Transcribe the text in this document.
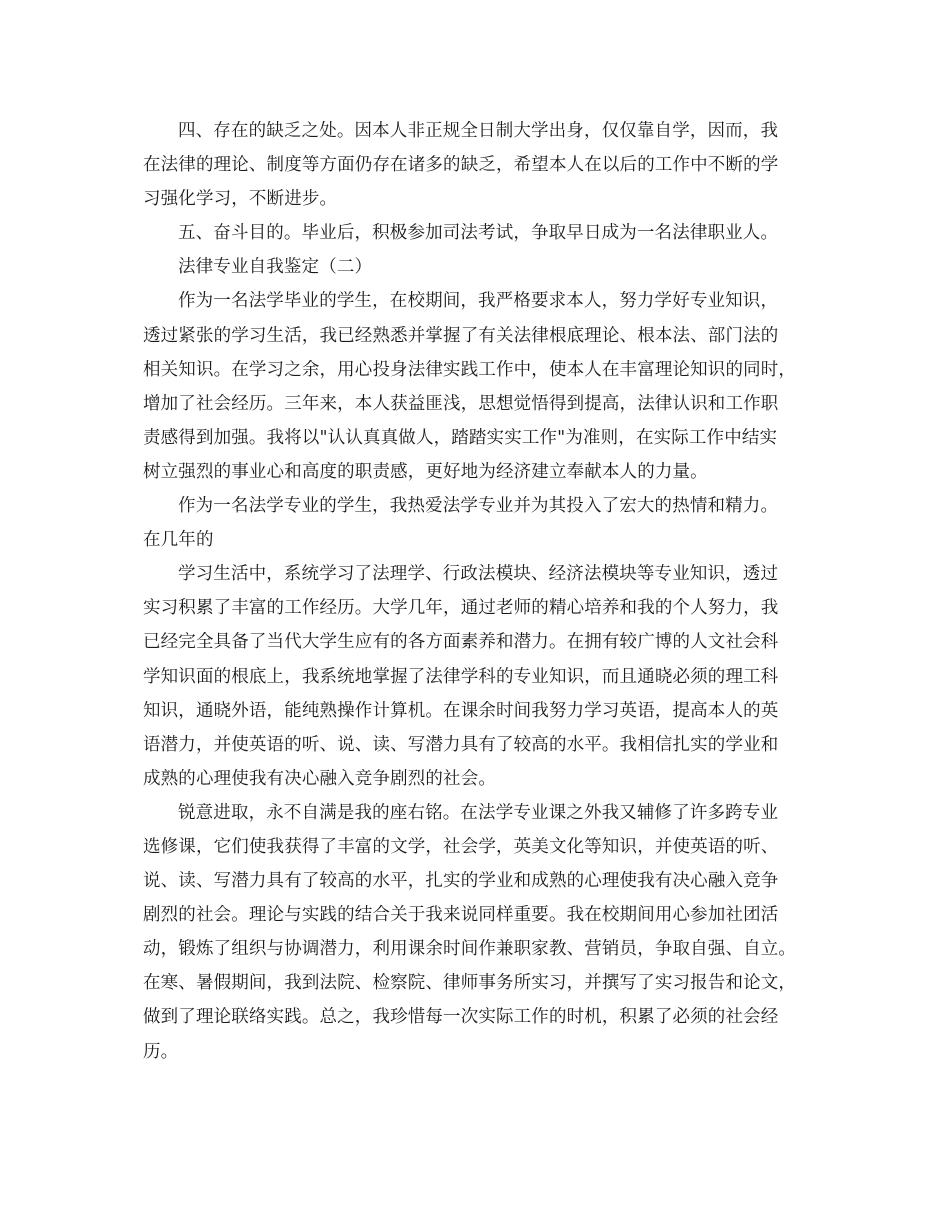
四、存在的缺乏之处。因本人非正规全日制大学出身，仅仅靠自学，因而，我
在法律的理论、制度等方面仍存在诸多的缺乏，希望本人在以后的工作中不断的学
习强化学习，不断进步。

五、奋斗目的。毕业后，积极参加司法考试，争取早日成为一名法律职业人。

法律专业自我鉴定（二）

作为一名法学毕业的学生，在校期间，我严格要求本人，努力学好专业知识，
透过紧张的学习生活，我已经熟悉并掌握了有关法律根底理论、根本法、部门法的
相关知识。在学习之余，用心投身法律实践工作中，使本人在丰富理论知识的同时，
增加了社会经历。三年来，本人获益匪浅，思想觉悟得到提高，法律认识和工作职
责感得到加强。我将以"认认真真做人，踏踏实实工作"为准则，在实际工作中结实
树立强烈的事业心和高度的职责感，更好地为经济建立奉献本人的力量。

作为一名法学专业的学生，我热爱法学专业并为其投入了宏大的热情和精力。
在几年的

学习生活中，系统学习了法理学、行政法模块、经济法模块等专业知识，透过
实习积累了丰富的工作经历。大学几年，通过老师的精心培养和我的个人努力，我
已经完全具备了当代大学生应有的各方面素养和潜力。在拥有较广博的人文社会科
学知识面的根底上，我系统地掌握了法律学科的专业知识，而且通晓必须的理工科
知识，通晓外语，能纯熟操作计算机。在课余时间我努力学习英语，提高本人的英
语潜力，并使英语的听、说、读、写潜力具有了较高的水平。我相信扎实的学业和
成熟的心理使我有决心融入竞争剧烈的社会。

锐意进取，永不自满是我的座右铭。在法学专业课之外我又辅修了许多跨专业
选修课，它们使我获得了丰富的文学，社会学，英美文化等知识，并使英语的听、
说、读、写潜力具有了较高的水平，扎实的学业和成熟的心理使我有决心融入竞争
剧烈的社会。理论与实践的结合关于我来说同样重要。我在校期间用心参加社团活
动，锻炼了组织与协调潜力，利用课余时间作兼职家教、营销员，争取自强、自立。
在寒、暑假期间，我到法院、检察院、律师事务所实习，并撰写了实习报告和论文，
做到了理论联络实践。总之，我珍惜每一次实际工作的时机，积累了必须的社会经
历。
